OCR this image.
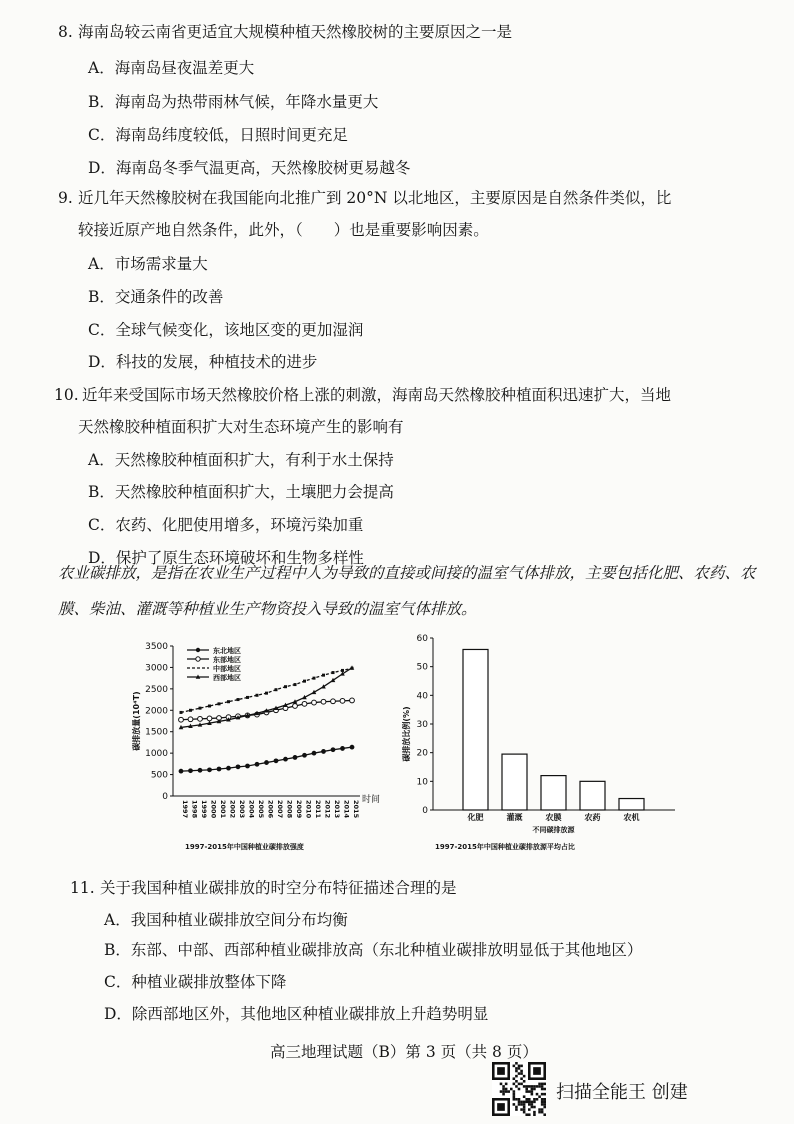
8. 海南岛较云南省更适宜大规模种植天然橡胶树的主要原因之一是
A．海南岛昼夜温差更大
B．海南岛为热带雨林气候，年降水量更大
C．海南岛纬度较低，日照时间更充足
D．海南岛冬季气温更高，天然橡胶树更易越冬
9. 近几年天然橡胶树在我国能向北推广到 20°N 以北地区，主要原因是自然条件类似，比
较接近原产地自然条件，此外，（　　）也是重要影响因素。
A．市场需求量大
B．交通条件的改善
C．全球气候变化，该地区变的更加湿润
D．科技的发展，种植技术的进步
10. 近年来受国际市场天然橡胶价格上涨的刺激，海南岛天然橡胶种植面积迅速扩大，当地
天然橡胶种植面积扩大对生态环境产生的影响有
A．天然橡胶种植面积扩大，有利于水土保持
B．天然橡胶种植面积扩大，土壤肥力会提高
C．农药、化肥使用增多，环境污染加重
D．保护了原生态环境破坏和生物多样性
农业碳排放，是指在农业生产过程中人为导致的直接或间接的温室气体排放，主要包括化肥、农药、农膜、柴油、灌溉等种植业生产物资投入导致的温室气体排放。
0
500
1000
1500
2000
2500
3000
3500
1997 1998 1999 2000 2001 2002 2003 2004 2005 2006 2007 2008 2009 2010 2011 2012 2013 2014 2015 时间
碳排放量(10⁴T)
东北地区
东部地区
中部地区
西部地区
1997-2015年中国种植业碳排放强度
0
10
20
30
40
50
60
化肥	灌溉	农膜	农药	农机
不同碳排放源
碳排放比例(%)
1997-2015年中国种植业碳排放源平均占比
11. 关于我国种植业碳排放的时空分布特征描述合理的是
A．我国种植业碳排放空间分布均衡
B．东部、中部、西部种植业碳排放高（东北种植业碳排放明显低于其他地区）
C．种植业碳排放整体下降
D．除西部地区外，其他地区种植业碳排放上升趋势明显
高三地理试题（B）第 3 页（共 8 页）
扫描全能王 创建
